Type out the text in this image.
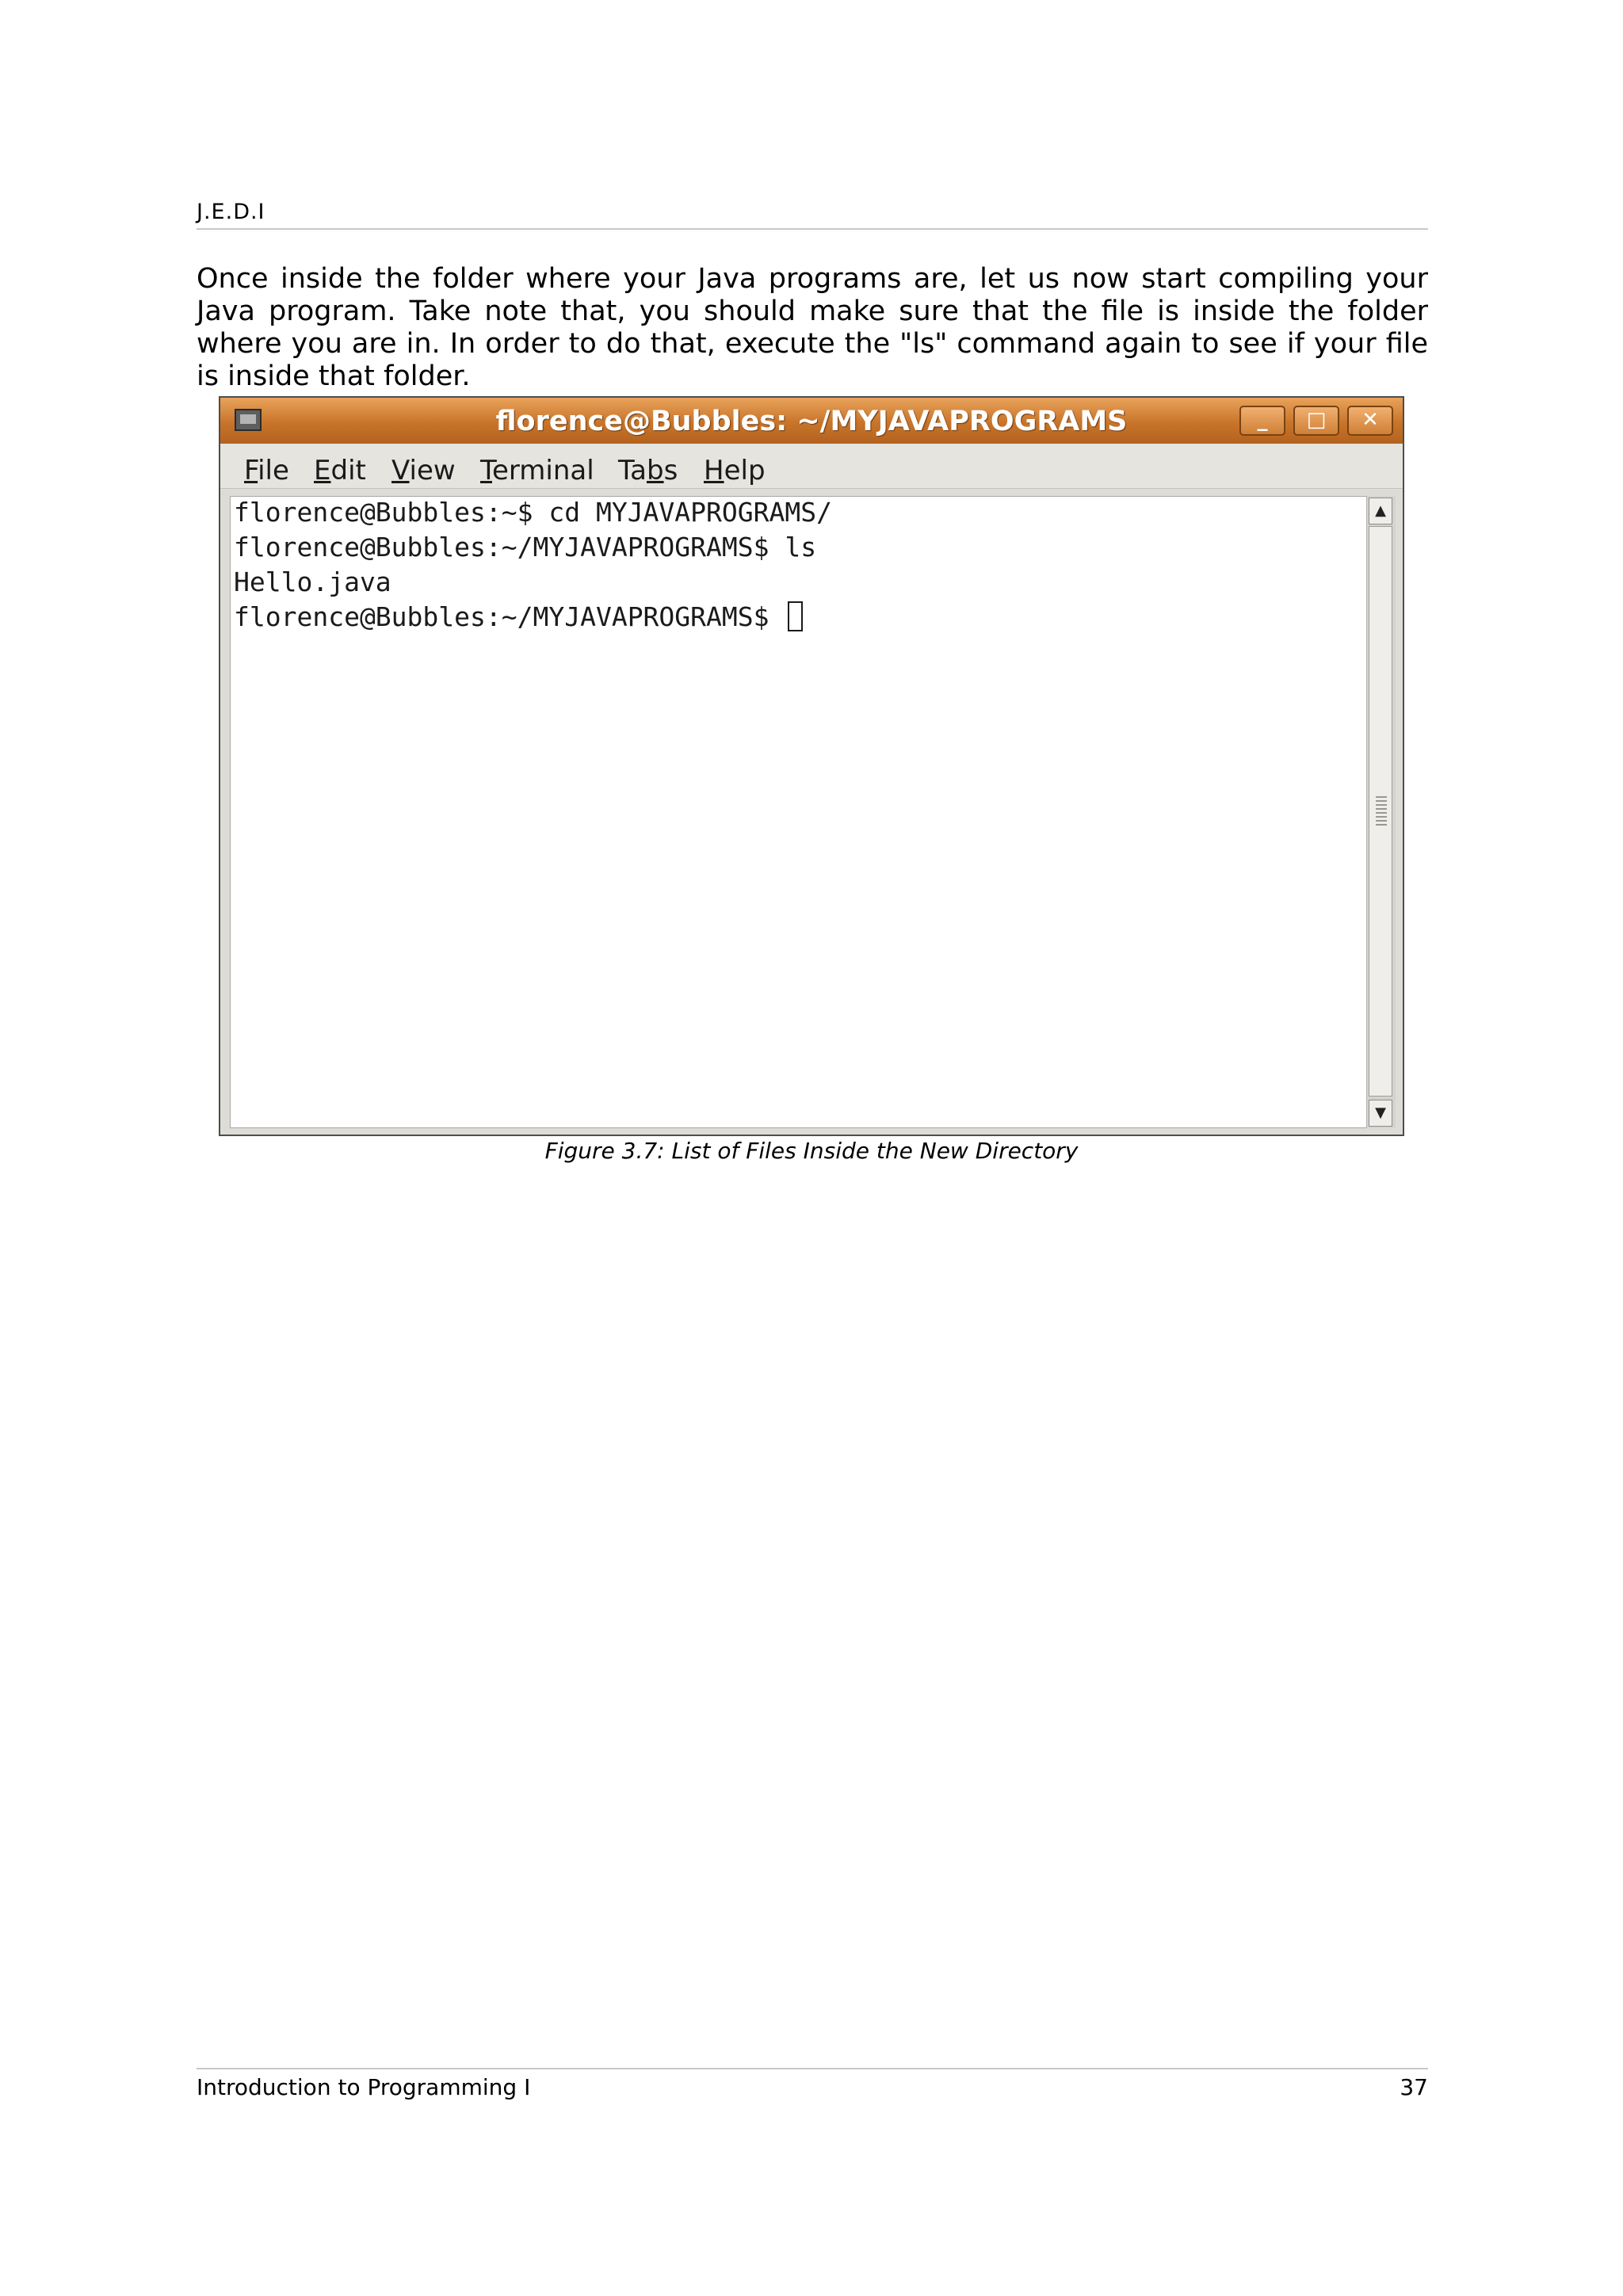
J.E.D.I

Once inside the folder where your Java programs are, let us now start compiling your Java program. Take note that, you should make sure that the file is inside the folder where you are in. In order to do that, execute the "ls" command again to see if your file is inside that folder.

florence@Bubbles: ~/MYJAVAPROGRAMS	_	□	✕
File Edit View Terminal Tabs Help
florence@Bubbles:~$ cd MYJAVAPROGRAMS/
florence@Bubbles:~/MYJAVAPROGRAMS$ ls
Hello.java
florence@Bubbles:~/MYJAVAPROGRAMS$
▲
▼
Figure 3.7: List of Files Inside the New Directory
Introduction to Programming I	37
